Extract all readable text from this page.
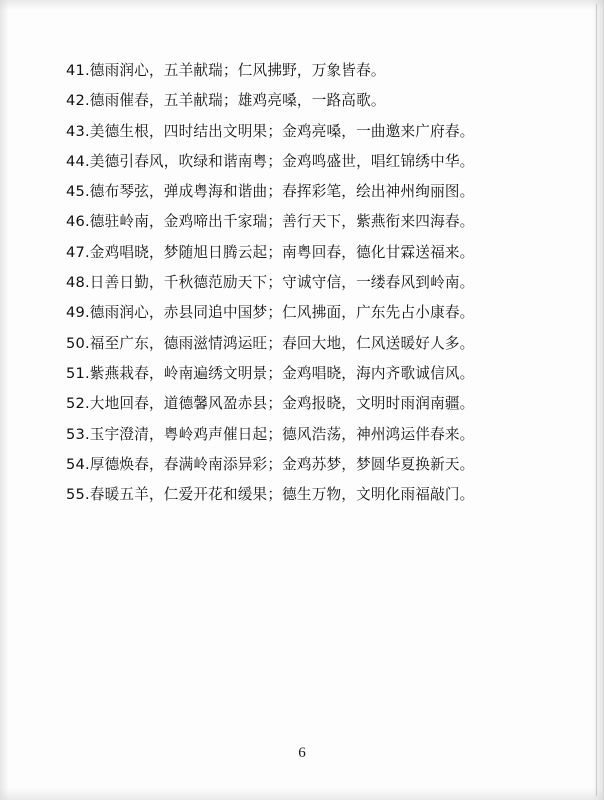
41.德雨润心，五羊献瑞；仁风拂野，万象皆春。
42.德雨催春，五羊献瑞；雄鸡亮嗓，一路高歌。
43.美德生根，四时结出文明果；金鸡亮嗓，一曲邀来广府春。
44.美德引春风，吹绿和谐南粤；金鸡鸣盛世，唱红锦绣中华。
45.德布琴弦，弹成粤海和谐曲；春挥彩笔，绘出神州绚丽图。
46.德驻岭南，金鸡啼出千家瑞；善行天下，紫燕衔来四海春。
47.金鸡唱晓，梦随旭日腾云起；南粤回春，德化甘霖送福来。
48.日善日勤，千秋德范励天下；守诚守信，一缕春风到岭南。
49.德雨润心，赤县同追中国梦；仁风拂面，广东先占小康春。
50.福至广东，德雨滋情鸿运旺；春回大地，仁风送暖好人多。
51.紫燕栽春，岭南遍绣文明景；金鸡唱晓，海内齐歌诚信风。
52.大地回春，道德馨风盈赤县；金鸡报晓，文明时雨润南疆。
53.玉宇澄清，粤岭鸡声催日起；德风浩荡，神州鸿运伴春来。
54.厚德焕春，春满岭南添异彩；金鸡苏梦，梦圆华夏换新天。
55.春暖五羊，仁爱开花和缓果；德生万物，文明化雨福敲门。
6
